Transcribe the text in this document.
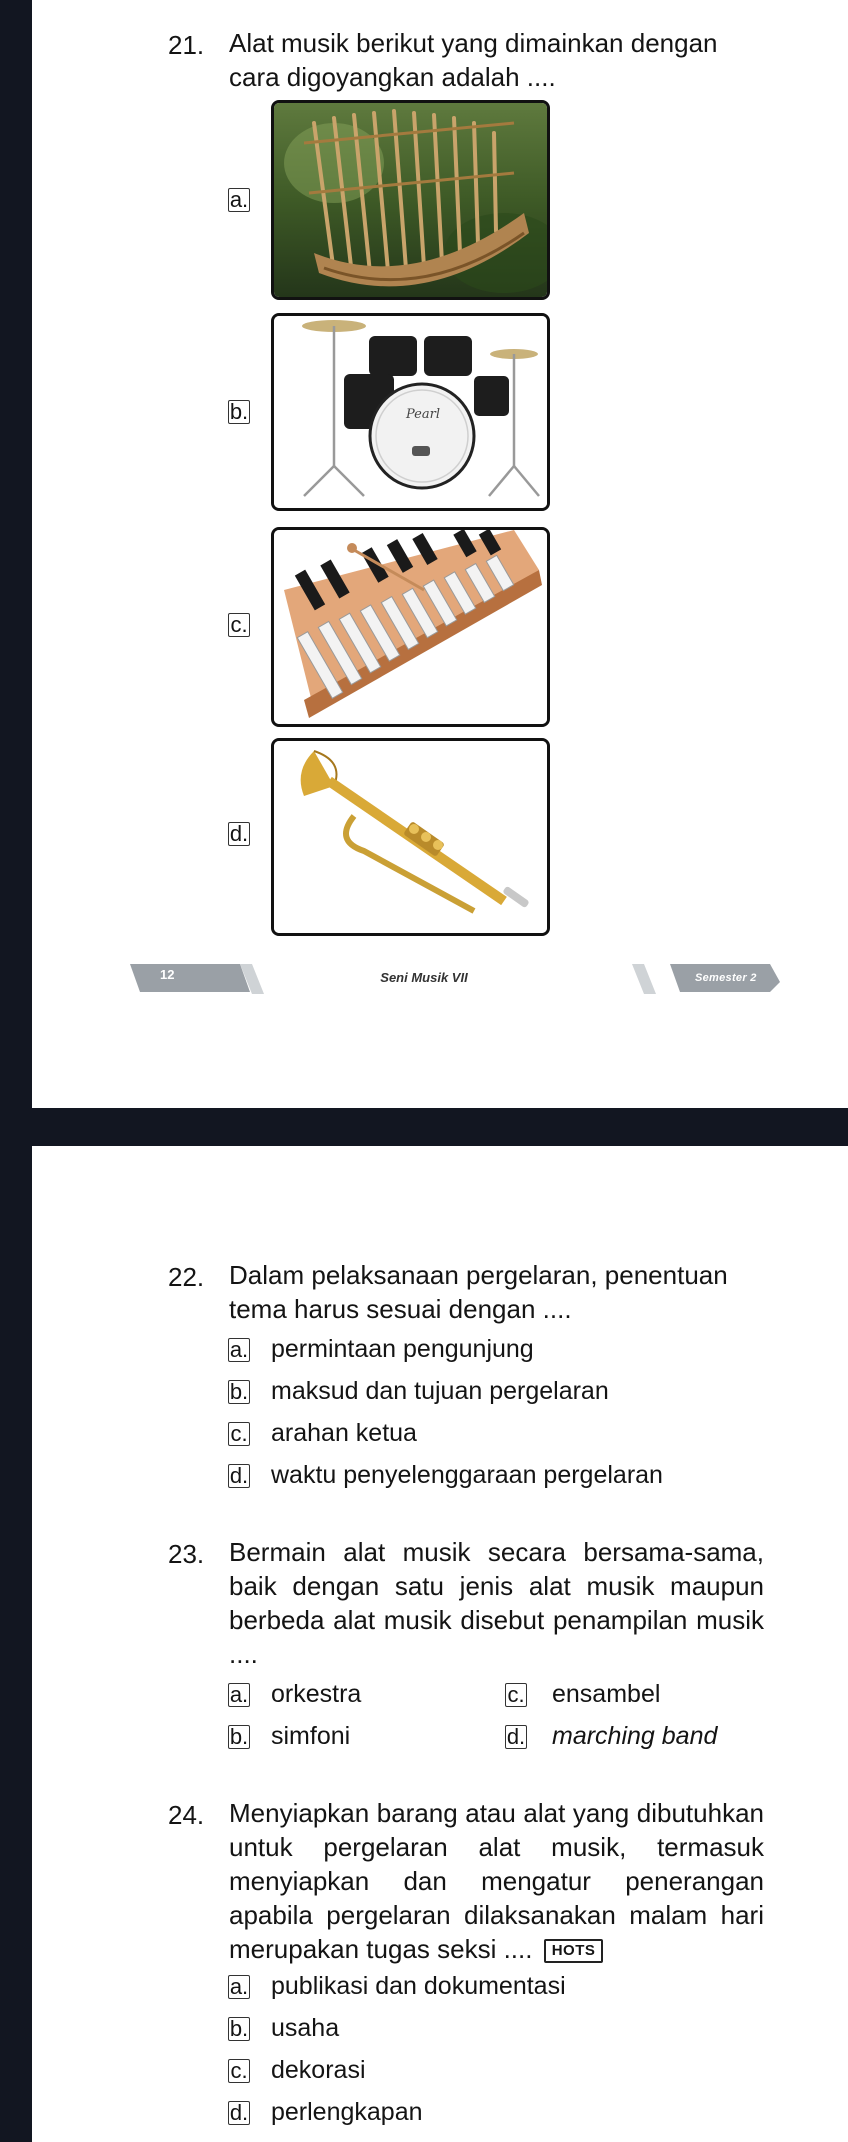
21. Alat musik berikut yang dimainkan dengan cara digoyangkan adalah ....
a.
b.	Pearl
c.
d.
12	Seni Musik VII	Semester 2
22. Dalam pelaksanaan pergelaran, penentuan tema harus sesuai dengan ....
a. permintaan pengunjung
b. maksud dan tujuan pergelaran
c. arahan ketua
d. waktu penyelenggaraan pergelaran
23. Bermain alat musik secara bersama-sama, baik dengan satu jenis alat musik maupun berbeda alat musik disebut penampilan musik ....
a. orkestra
b. simfoni
c. ensambel
d. marching band
24. Menyiapkan barang atau alat yang dibutuhkan untuk pergelaran alat musik, termasuk menyiapkan dan mengatur penerangan apabila pergelaran dilaksanakan malam hari merupakan tugas seksi .... HOTS
a. publikasi dan dokumentasi
b. usaha
c. dekorasi
d. perlengkapan
